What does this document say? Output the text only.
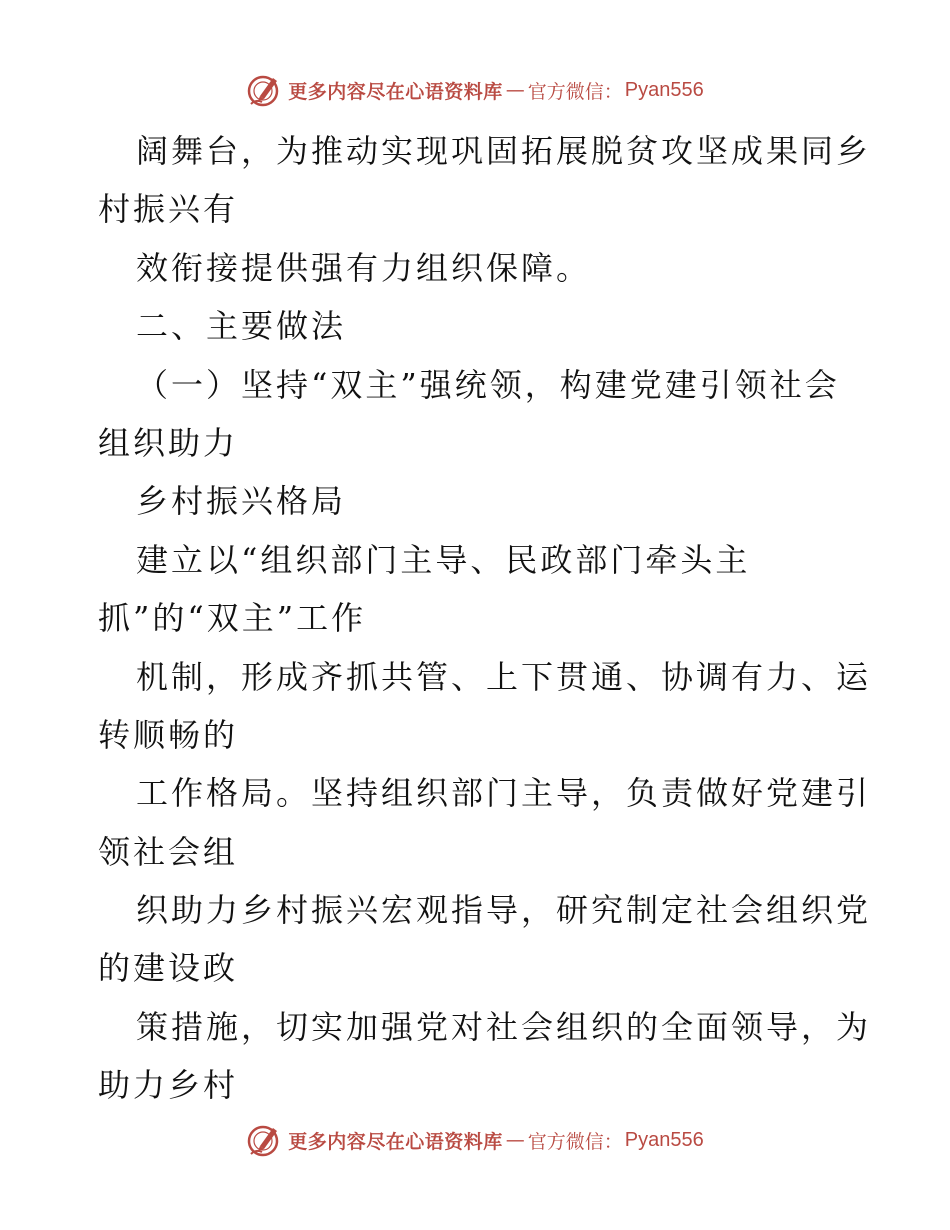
更多内容尽在心语资料库 — 官方微信： Pyan556
阔舞台，为推动实现巩固拓展脱贫攻坚成果同乡
村振兴有
效衔接提供强有力组织保障。
二、主要做法
（一）坚持“双主”强统领，构建党建引领社会
组织助力
乡村振兴格局
建立以“组织部门主导、民政部门牵头主
抓”的“双主”工作
机制，形成齐抓共管、上下贯通、协调有力、运
转顺畅的
工作格局。坚持组织部门主导，负责做好党建引
领社会组
织助力乡村振兴宏观指导，研究制定社会组织党
的建设政
策措施，切实加强党对社会组织的全面领导，为
助力乡村
更多内容尽在心语资料库 — 官方微信： Pyan556
